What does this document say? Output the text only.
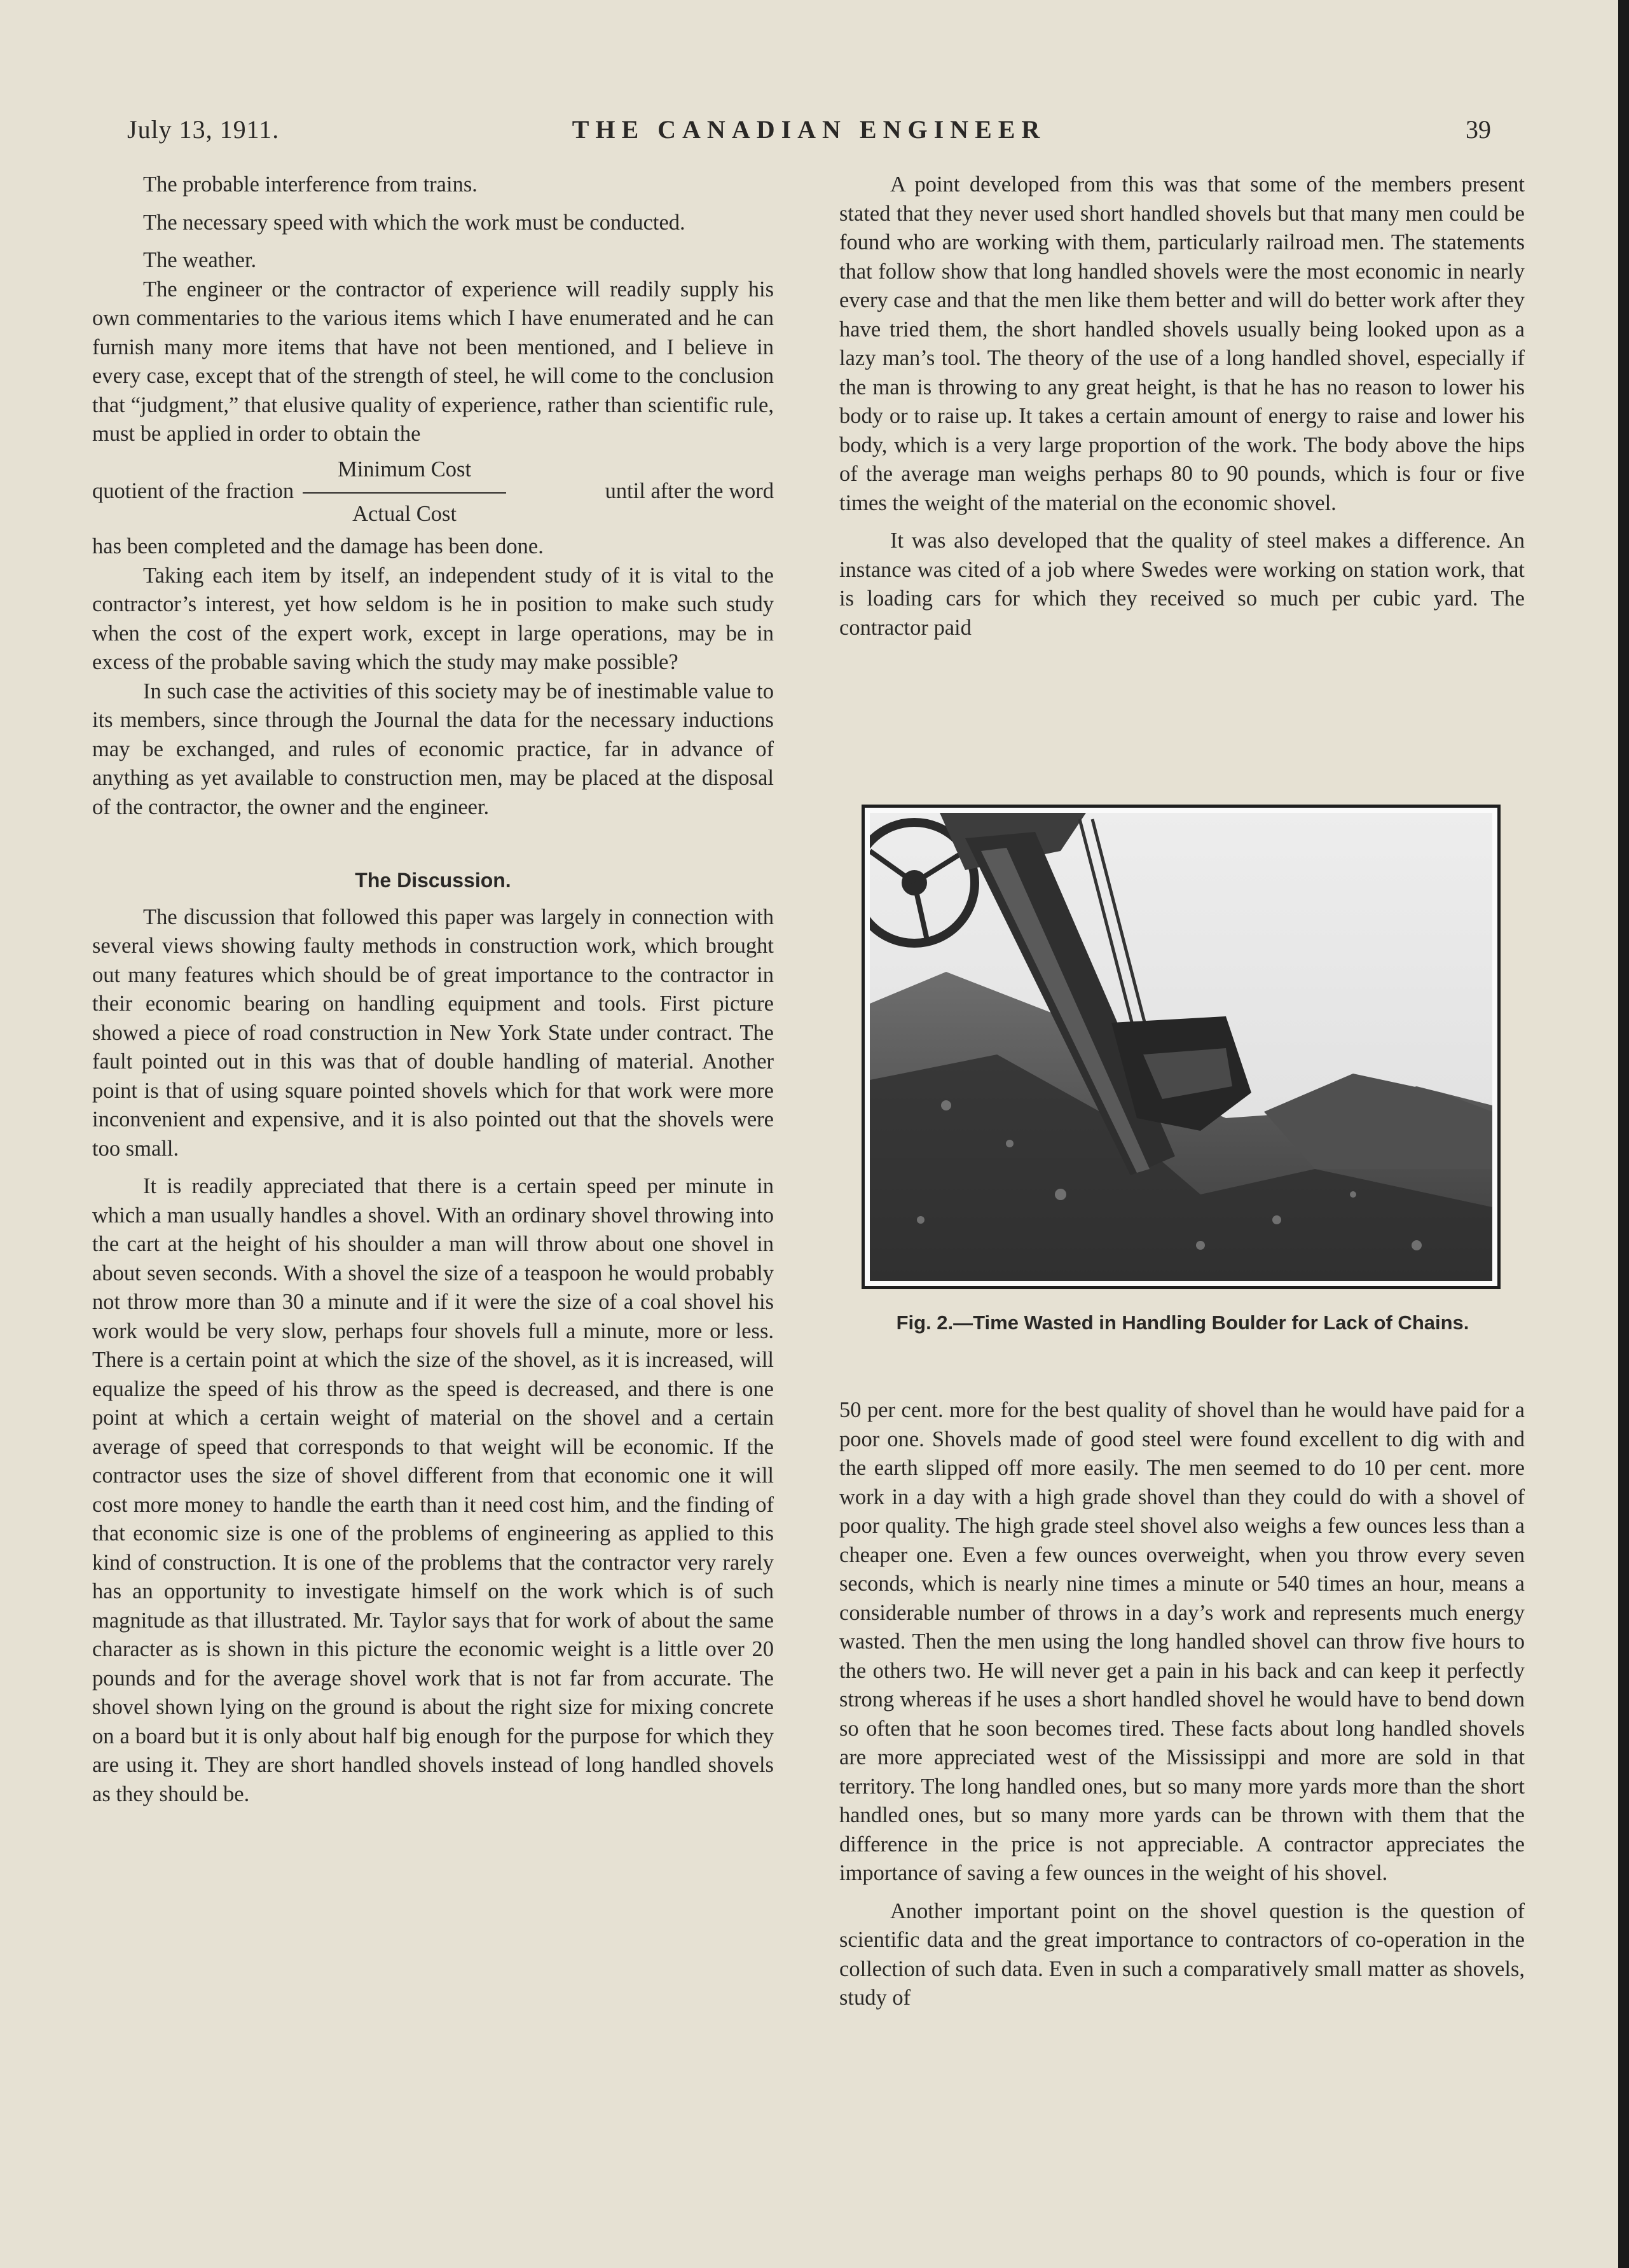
July 13, 1911.	THE CANADIAN ENGINEER	39

The probable interference from trains.

The necessary speed with which the work must be conducted.

The weather.

The engineer or the contractor of experience will readily supply his own commentaries to the various items which I have enumerated and he can furnish many more items that have not been mentioned, and I believe in every case, except that of the strength of steel, he will come to the conclusion that “judgment,” that elusive quality of experience, rather than scientific rule, must be applied in order to obtain the

quotient of the fraction $\frac{\text{Minimum Cost}}{\text{Actual Cost}}$	until after the word

has been completed and the damage has been done.

Taking each item by itself, an independent study of it is vital to the contractor’s interest, yet how seldom is he in position to make such study when the cost of the expert work, except in large operations, may be in excess of the probable saving which the study may make possible?

In such case the activities of this society may be of inestimable value to its members, since through the Journal the data for the necessary inductions may be exchanged, and rules of economic practice, far in advance of anything as yet available to construction men, may be placed at the disposal of the contractor, the owner and the engineer.

The Discussion.

The discussion that followed this paper was largely in connection with several views showing faulty methods in construction work, which brought out many features which should be of great importance to the contractor in their economic bearing on handling equipment and tools. First picture showed a piece of road construction in New York State under contract. The fault pointed out in this was that of double handling of material. Another point is that of using square pointed shovels which for that work were more inconvenient and expensive, and it is also pointed out that the shovels were too small.

It is readily appreciated that there is a certain speed per minute in which a man usually handles a shovel. With an ordinary shovel throwing into the cart at the height of his shoulder a man will throw about one shovel in about seven seconds. With a shovel the size of a teaspoon he would probably not throw more than 30 a minute and if it were the size of a coal shovel his work would be very slow, perhaps four shovels full a minute, more or less. There is a certain point at which the size of the shovel, as it is increased, will equalize the speed of his throw as the speed is decreased, and there is one point at which a certain weight of material on the shovel and a certain average of speed that corresponds to that weight will be economic. If the contractor uses the size of shovel different from that economic one it will cost more money to handle the earth than it need cost him, and the finding of that economic size is one of the problems of engineering as applied to this kind of construction. It is one of the problems that the contractor very rarely has an opportunity to investigate himself on the work which is of such magnitude as that illustrated. Mr. Taylor says that for work of about the same character as is shown in this picture the economic weight is a little over 20 pounds and for the average shovel work that is not far from accurate. The shovel shown lying on the ground is about the right size for mixing concrete on a board but it is only about half big enough for the purpose for which they are using it. They are short handled shovels instead of long handled shovels as they should be.

A point developed from this was that some of the members present stated that they never used short handled shovels but that many men could be found who are working with them, particularly railroad men. The statements that follow show that long handled shovels were the most economic in nearly every case and that the men like them better and will do better work after they have tried them, the short handled shovels usually being looked upon as a lazy man’s tool. The theory of the use of a long handled shovel, especially if the man is throwing to any great height, is that he has no reason to lower his body or to raise up. It takes a certain amount of energy to raise and lower his body, which is a very large proportion of the work. The body above the hips of the average man weighs perhaps 80 to 90 pounds, which is four or five times the weight of the material on the economic shovel.

It was also developed that the quality of steel makes a difference. An instance was cited of a job where Swedes were working on station work, that is loading cars for which they received so much per cubic yard. The contractor paid

Fig. 2.—Time Wasted in Handling Boulder for Lack of Chains.

50 per cent. more for the best quality of shovel than he would have paid for a poor one. Shovels made of good steel were found excellent to dig with and the earth slipped off more easily. The men seemed to do 10 per cent. more work in a day with a high grade shovel than they could do with a shovel of poor quality. The high grade steel shovel also weighs a few ounces less than a cheaper one. Even a few ounces overweight, when you throw every seven seconds, which is nearly nine times a minute or 540 times an hour, means a considerable number of throws in a day’s work and represents much energy wasted. Then the men using the long handled shovel can throw five hours to the others two. He will never get a pain in his back and can keep it perfectly strong whereas if he uses a short handled shovel he would have to bend down so often that he soon becomes tired. These facts about long handled shovels are more appreciated west of the Mississippi and more are sold in that territory. The long handled ones, but so many more yards more than the short handled ones, but so many more yards can be thrown with them that the difference in the price is not appreciable. A contractor appreciates the importance of saving a few ounces in the weight of his shovel.

Another important point on the shovel question is the question of scientific data and the great importance to contractors of co-operation in the collection of such data. Even in such a comparatively small matter as shovels, study of
